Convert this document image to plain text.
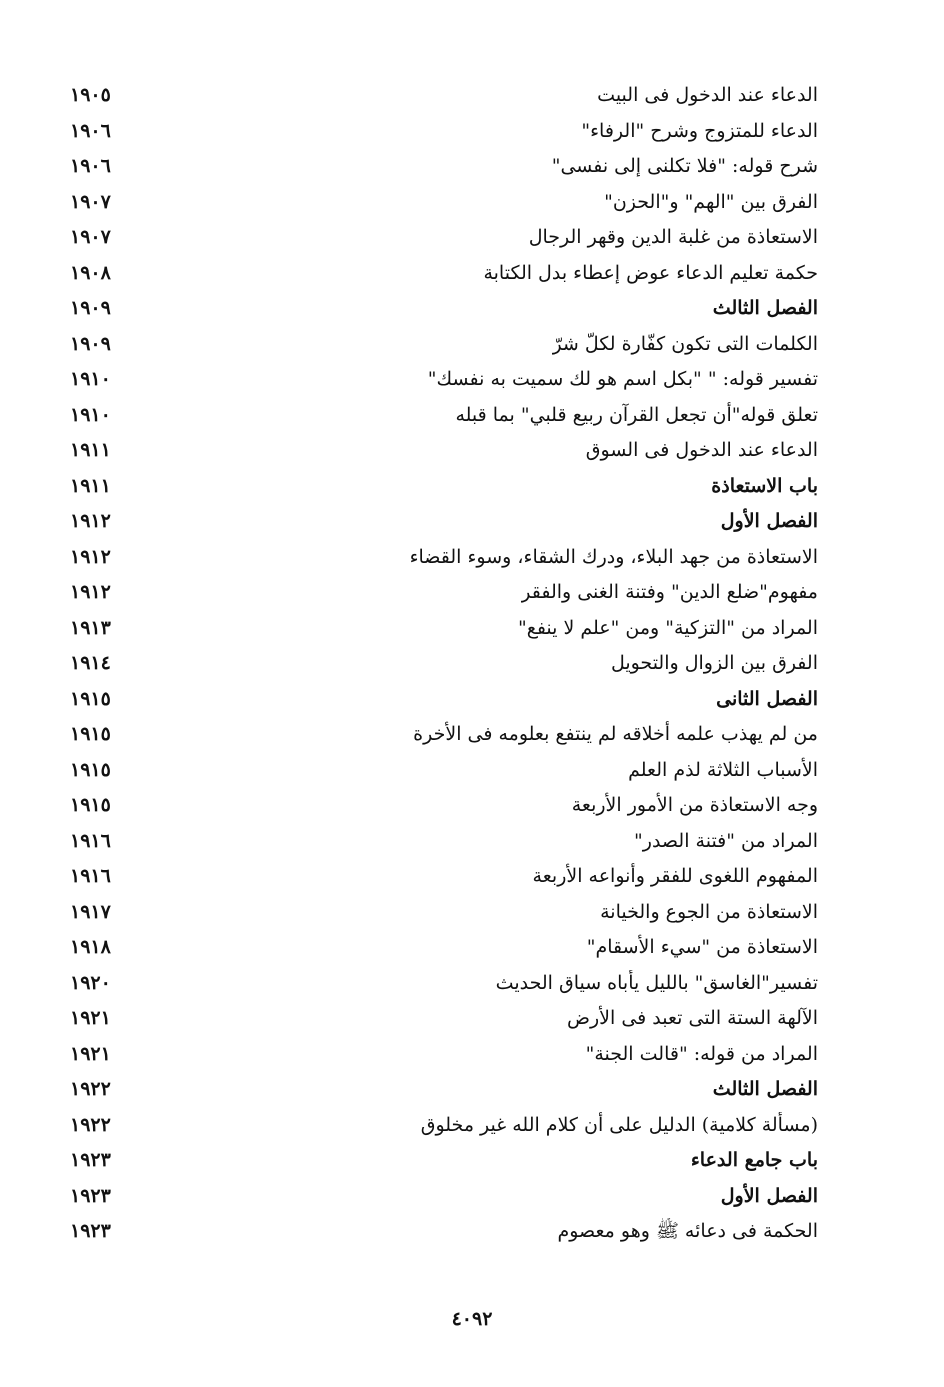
الدعاء عند الدخول فى البيت
١٩٠٥
الدعاء للمتزوج وشرح "الرفاء"
١٩٠٦
شرح قوله: "فلا تكلنى إلى نفسى"
١٩٠٦
الفرق بين "الهم" و"الحزن"
١٩٠٧
الاستعاذة من غلبة الدين وقهر الرجال
١٩٠٧
حكمة تعليم الدعاء عوض إعطاء بدل الكتابة
١٩٠٨
الفصل الثالث
١٩٠٩
الكلمات التى تكون كفّارة لكلّ شرّ
١٩٠٩
تفسير قوله: " "بكل اسم هو لك سميت به نفسك"
١٩١٠
تعلق قوله"أن تجعل القرآن ربيع قلبي" بما قبله
١٩١٠
الدعاء عند الدخول فى السوق
١٩١١
باب الاستعاذة
١٩١١
الفصل الأول
١٩١٢
الاستعاذة من جهد البلاء، ودرك الشقاء، وسوء القضاء
١٩١٢
مفهوم"ضلع الدين" وفتنة الغنى والفقر
١٩١٢
المراد من "التزكية" ومن "علم لا ينفع"
١٩١٣
الفرق بين الزوال والتحويل
١٩١٤
الفصل الثانى
١٩١٥
من لم يهذب علمه أخلاقه لم ينتفع بعلومه فى الأخرة
١٩١٥
الأسباب الثلاثة لذم العلم
١٩١٥
وجه الاستعاذة من الأمور الأربعة
١٩١٥
المراد من "فتنة الصدر"
١٩١٦
المفهوم اللغوى للفقر وأنواعه الأربعة
١٩١٦
الاستعاذة من الجوع والخيانة
١٩١٧
الاستعاذة من "سيء الأسقام"
١٩١٨
تفسير"الغاسق" بالليل يأباه سياق الحديث
١٩٢٠
الآلهة الستة التى تعبد فى الأرض
١٩٢١
المراد من قوله: "قالت الجنة"
١٩٢١
الفصل الثالث
١٩٢٢
(مسألة كلامية) الدليل على أن كلام الله غير مخلوق
١٩٢٢
باب جامع الدعاء
١٩٢٣
الفصل الأول
١٩٢٣
الحكمة فى دعائه ﷺ وهو معصوم
١٩٢٣
٤٠٩٢
